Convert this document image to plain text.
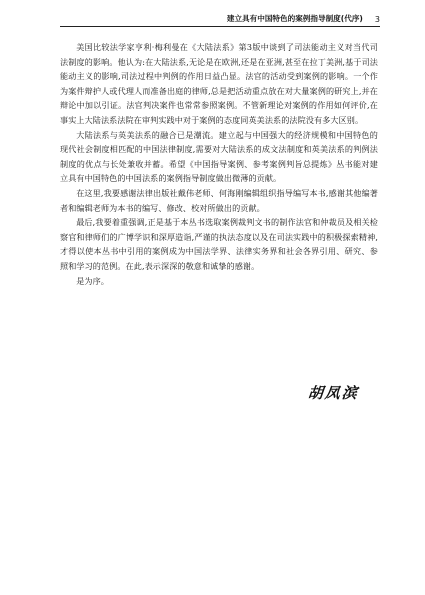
建立具有中国特色的案例指导制度(代序) 3

美国比较法学家亨利·梅利曼在《大陆法系》第3版中谈到了司法能动主义对当代司法制度的影响。他认为:在大陆法系,无论是在欧洲,还是在亚洲,甚至在拉丁美洲,基于司法能动主义的影响,司法过程中判例的作用日益凸显。法官的活动受到案例的影响。一个作为案件辩护人或代理人而准备出庭的律师,总是把活动重点放在对大量案例的研究上,并在辩论中加以引证。法官判决案件也常常参照案例。不管新理论对案例的作用如何评价,在事实上大陆法系法院在审判实践中对于案例的态度同英美法系的法院没有多大区别。

大陆法系与英美法系的融合已是潮流。建立起与中国强大的经济规模和中国特色的现代社会制度相匹配的中国法律制度,需要对大陆法系的成文法制度和英美法系的判例法制度的优点与长处兼收并蓄。希望《中国指导案例、参考案例判旨总提炼》丛书能对建立具有中国特色的中国法系的案例指导制度做出微薄的贡献。

在这里,我要感谢法律出版社戴伟老师、何海刚编辑组织指导编写本书,感谢其他编著者和编辑老师为本书的编写、修改、校对所做出的贡献。

最后,我要着重强调,正是基于本丛书选取案例裁判文书的制作法官和仲裁员及相关检察官和律师们的广博学识和深厚造诣,严谨的执法态度以及在司法实践中的积极探索精神,才得以使本丛书中引用的案例成为中国法学界、法律实务界和社会各界引用、研究、参照和学习的范例。在此,表示深深的敬意和诚挚的感谢。

是为序。

胡凤滨
